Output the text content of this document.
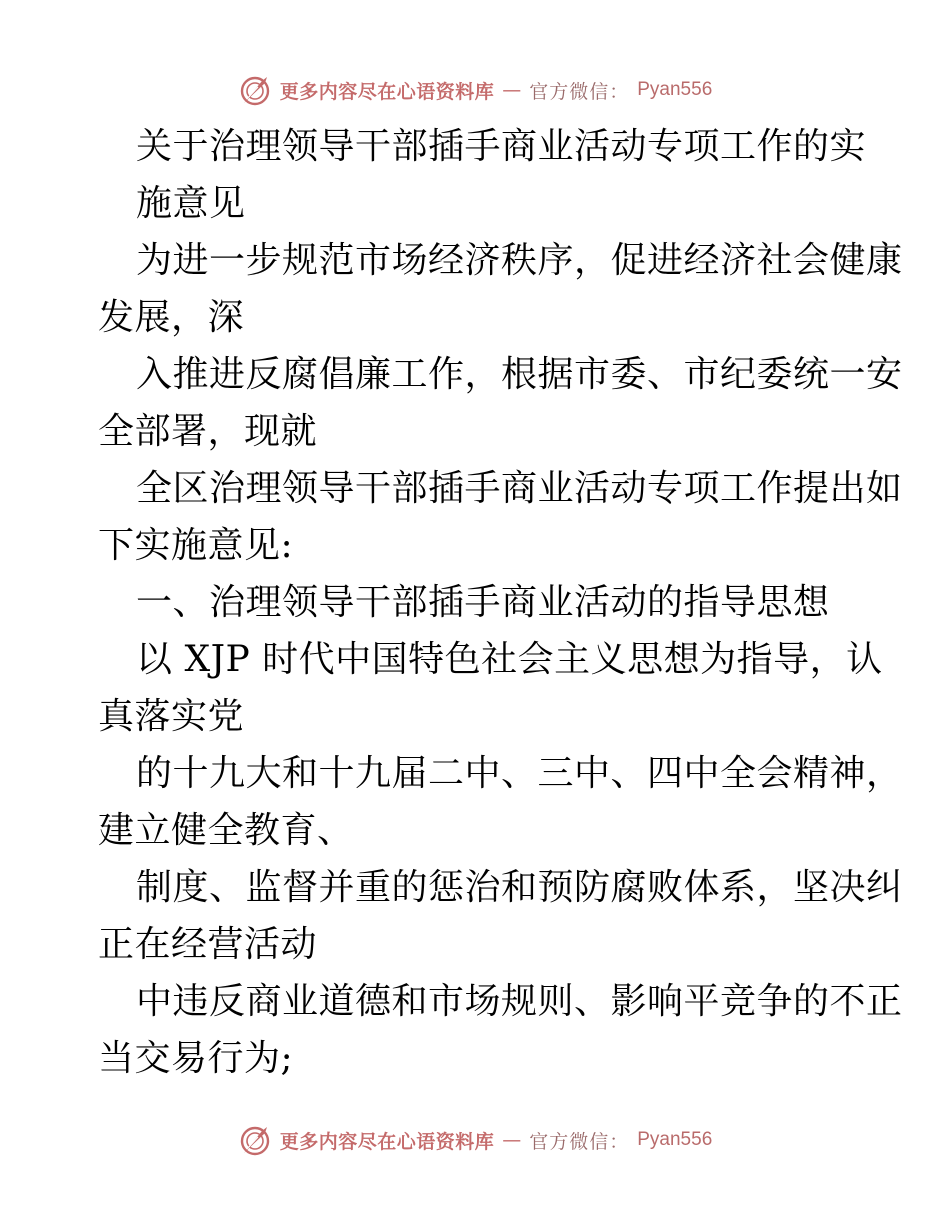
更多内容尽在心语资料库 — 官方微信： Pyan556
关于治理领导干部插手商业活动专项工作的实
施意见
为进一步规范市场经济秩序，促进经济社会健康
发展，深
入推进反腐倡廉工作，根据市委、市纪委统一安
全部署，现就
全区治理领导干部插手商业活动专项工作提出如
下实施意见:
一、治理领导干部插手商业活动的指导思想
以 XJP 时代中国特色社会主义思想为指导，认
真落实党
的十九大和十九届二中、三中、四中全会精神，
建立健全教育、
制度、监督并重的惩治和预防腐败体系，坚决纠
正在经营活动
中违反商业道德和市场规则、影响平竞争的不正
当交易行为;
更多内容尽在心语资料库 — 官方微信： Pyan556
